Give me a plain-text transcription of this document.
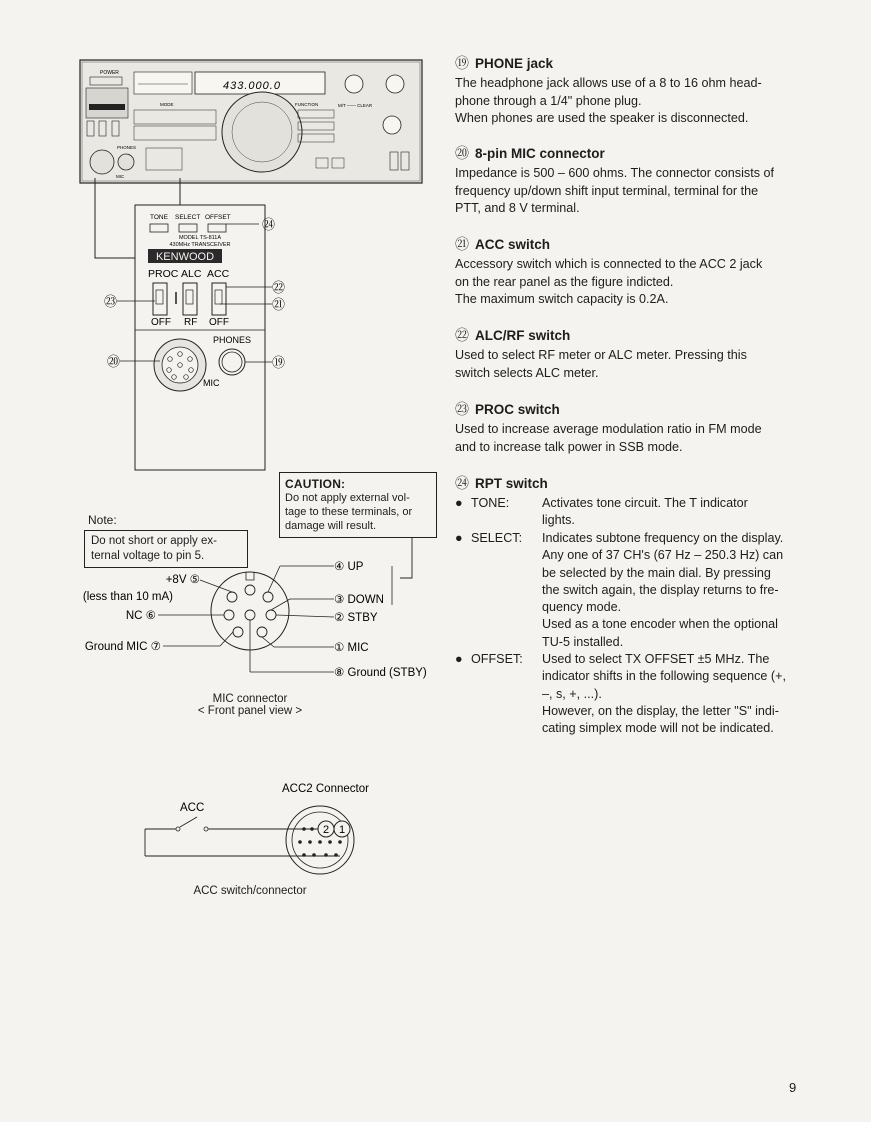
POWER
433.000.0
MODE	FUNCTION	M/T —— CLEAR
PHONES
MIC
TONE SELECT OFFSET
MODEL TS-811A
430MHz TRANSCEIVER
KENWOOD
PROC ALC ACC
OFF RF OFF
PHONES
MIC
㉔
㉒
㉑
㉓
⑳	⑲
④ UP
③ DOWN
② STBY
① MIC
⑧ Ground (STBY)
+8V ⑤
(less than 10 mA)
NC ⑥
Ground MIC ⑦
Note:
Do not short or apply ex-
ternal voltage to pin 5.
CAUTION:
Do not apply external vol-
tage to these terminals, or
damage will result.
MIC connector
< Front panel view >
ACC2 Connector
ACC
1
2
ACC switch/connector
⑲ PHONE jack
The headphone jack allows use of a 8 to 16 ohm head-
phone through a 1/4" phone plug.
When phones are used the speaker is disconnected.
⑳ 8-pin MIC connector
Impedance is 500 – 600 ohms. The connector consists of
frequency up/down shift input terminal, terminal for the
PTT, and 8 V terminal.
㉑ ACC switch
Accessory switch which is connected to the ACC 2 jack
on the rear panel as the figure indicted.
The maximum switch capacity is 0.2A.
㉒ ALC/RF switch
Used to select RF meter or ALC meter. Pressing this
switch selects ALC meter.
㉓ PROC switch
Used to increase average modulation ratio in FM mode
and to increase talk power in SSB mode.
㉔ RPT switch
● TONE:	Activates tone circuit. The T indicator
lights.
● SELECT: Indicates subtone frequency on the display.
Any one of 37 CH's (67 Hz – 250.3 Hz) can
be selected by the main dial. By pressing
the switch again, the display returns to fre-
quency mode.
Used as a tone encoder when the optional
TU-5 installed.
● OFFSET: Used to select TX OFFSET ±5 MHz. The
indicator shifts in the following sequence (+,
–, s, +, ...).
However, on the display, the letter "S" indi-
cating simplex mode will not be indicated.
9
